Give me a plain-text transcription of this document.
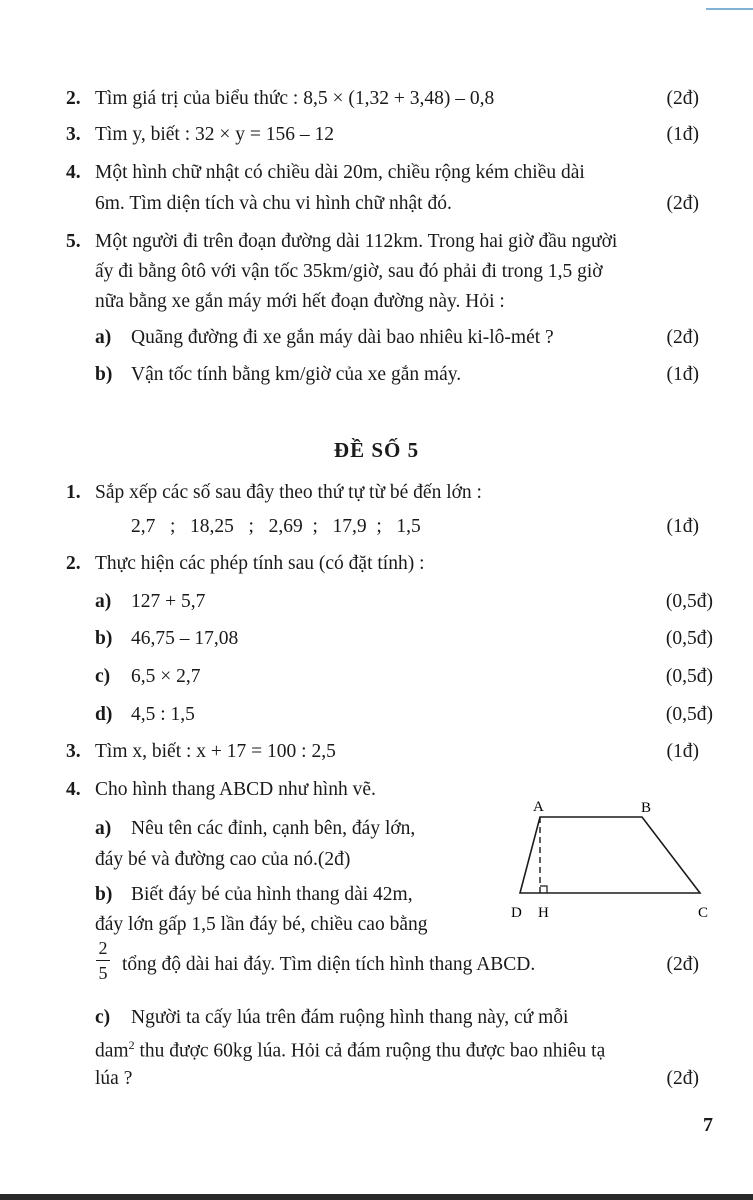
2. Tìm giá trị của biểu thức : 8,5 × (1,32 + 3,48) – 0,8	(2đ)
3. Tìm y, biết : 32 × y = 156 – 12	(1đ)
4. Một hình chữ nhật có chiều dài 20m, chiều rộng kém chiều dài
6m. Tìm diện tích và chu vi hình chữ nhật đó.	(2đ)
5. Một người đi trên đoạn đường dài 112km. Trong hai giờ đầu người
ấy đi bằng ôtô với vận tốc 35km/giờ, sau đó phải đi trong 1,5 giờ
nữa bằng xe gắn máy mới hết đoạn đường này. Hỏi :
a) Quãng đường đi xe gắn máy dài bao nhiêu ki-lô-mét ?	(2đ)
b) Vận tốc tính bằng km/giờ của xe gắn máy.	(1đ)
ĐỀ SỐ 5
1. Sắp xếp các số sau đây theo thứ tự từ bé đến lớn :
2,7   ;   18,25   ;   2,69  ;   17,9  ;   1,5	(1đ)
2. Thực hiện các phép tính sau (có đặt tính) :
a) 127 + 5,7	(0,5đ)
b) 46,75 – 17,08	(0,5đ)
c) 6,5 × 2,7	(0,5đ)
d) 4,5 : 1,5	(0,5đ)
3. Tìm x, biết : x + 17 = 100 : 2,5	(1đ)
4. Cho hình thang ABCD như hình vẽ.
a) Nêu tên các đỉnh, cạnh bên, đáy lớn,
đáy bé và đường cao của nó.(2đ)
b) Biết đáy bé của hình thang dài 42m,
đáy lớn gấp 1,5 lần đáy bé, chiều cao bằng
2
5 tổng độ dài hai đáy. Tìm diện tích hình thang ABCD.	(2đ)
c) Người ta cấy lúa trên đám ruộng hình thang này, cứ mỗi
dam$^2$ thu được 60kg lúa. Hỏi cả đám ruộng thu được bao nhiêu tạ
lúa ?	(2đ)
A	B
D H	C
7
